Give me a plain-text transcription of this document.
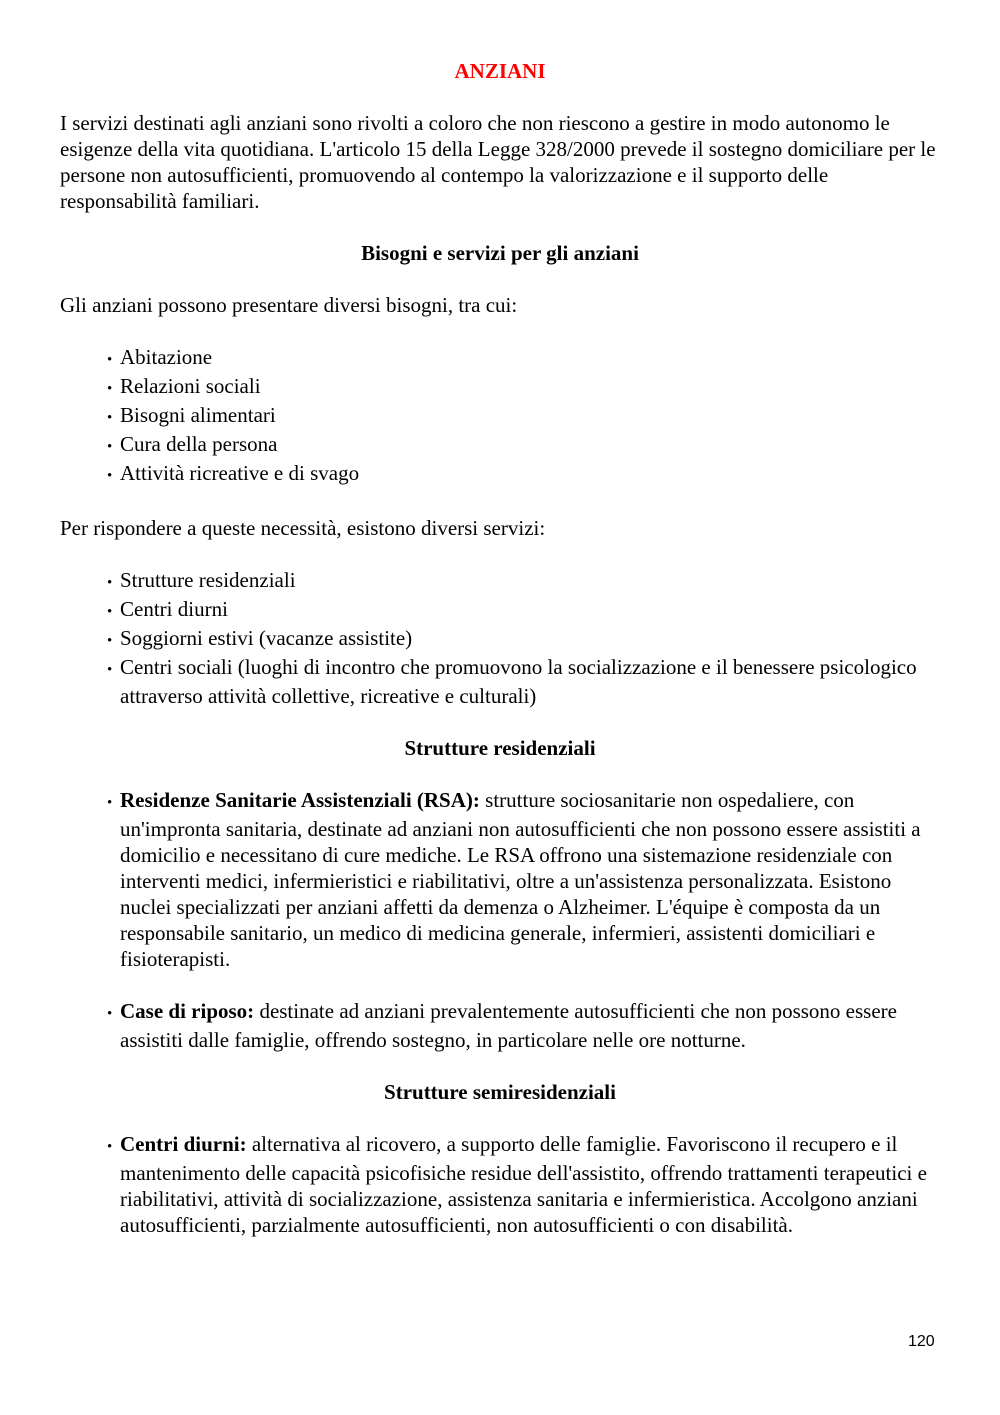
ANZIANI

I servizi destinati agli anziani sono rivolti a coloro che non riescono a gestire in modo autonomo le esigenze della vita quotidiana. L'articolo 15 della Legge 328/2000 prevede il sostegno domiciliare per le persone non autosufficienti, promuovendo al contempo la valorizzazione e il supporto delle responsabilità familiari.

Bisogni e servizi per gli anziani

Gli anziani possono presentare diversi bisogni, tra cui:

• Abitazione
• Relazioni sociali
• Bisogni alimentari
• Cura della persona
• Attività ricreative e di svago

Per rispondere a queste necessità, esistono diversi servizi:

• Strutture residenziali
• Centri diurni
• Soggiorni estivi (vacanze assistite)
• Centri sociali (luoghi di incontro che promuovono la socializzazione e il benessere psicologico attraverso attività collettive, ricreative e culturali)
Strutture residenziali
• Residenze Sanitarie Assistenziali (RSA): strutture sociosanitarie non ospedaliere, con un'impronta sanitaria, destinate ad anziani non autosufficienti che non possono essere assistiti a domicilio e necessitano di cure mediche. Le RSA offrono una sistemazione residenziale con interventi medici, infermieristici e riabilitativi, oltre a un'assistenza personalizzata. Esistono nuclei specializzati per anziani affetti da demenza o Alzheimer. L'équipe è composta da un responsabile sanitario, un medico di medicina generale, infermieri, assistenti domiciliari e fisioterapisti.
• Case di riposo: destinate ad anziani prevalentemente autosufficienti che non possono essere assistiti dalle famiglie, offrendo sostegno, in particolare nelle ore notturne.
Strutture semiresidenziali
• Centri diurni: alternativa al ricovero, a supporto delle famiglie. Favoriscono il recupero e il mantenimento delle capacità psicofisiche residue dell'assistito, offrendo trattamenti terapeutici e riabilitativi, attività di socializzazione, assistenza sanitaria e infermieristica. Accolgono anziani autosufficienti, parzialmente autosufficienti, non autosufficienti o con disabilità.
120
